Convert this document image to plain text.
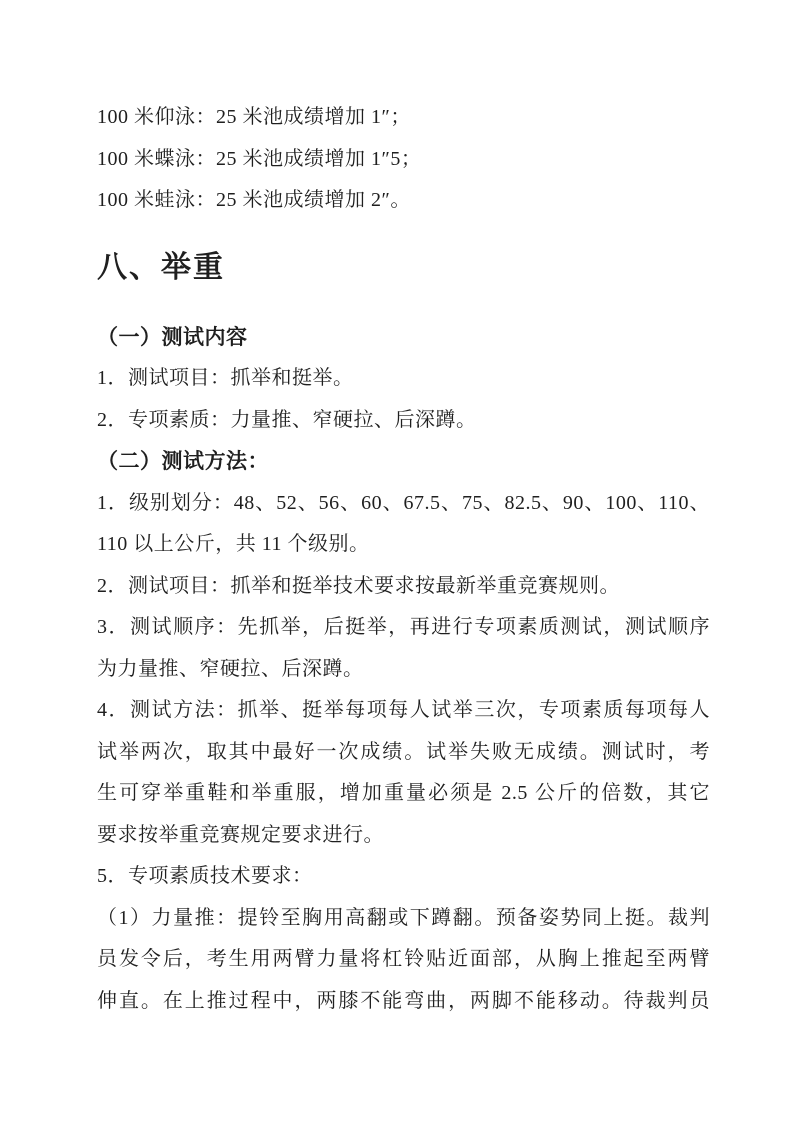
100 米仰泳：25 米池成绩增加 1″；
100 米蝶泳：25 米池成绩增加 1″5；
100 米蛙泳：25 米池成绩增加 2″。
八、举重
（一）测试内容
1．测试项目：抓举和挺举。
2．专项素质：力量推、窄硬拉、后深蹲。
（二）测试方法：
1．级别划分：48、52、56、60、67.5、75、82.5、90、100、110、
110 以上公斤，共 11 个级别。
2．测试项目：抓举和挺举技术要求按最新举重竞赛规则。
3．测试顺序：先抓举，后挺举，再进行专项素质测试，测试顺序
为力量推、窄硬拉、后深蹲。
4．测试方法：抓举、挺举每项每人试举三次，专项素质每项每人
试举两次，取其中最好一次成绩。试举失败无成绩。测试时，考
生可穿举重鞋和举重服，增加重量必须是 2.5 公斤的倍数，其它
要求按举重竞赛规定要求进行。
5．专项素质技术要求：
（1）力量推：提铃至胸用高翻或下蹲翻。预备姿势同上挺。裁判
员发令后，考生用两臂力量将杠铃贴近面部，从胸上推起至两臂
伸直。在上推过程中，两膝不能弯曲，两脚不能移动。待裁判员
